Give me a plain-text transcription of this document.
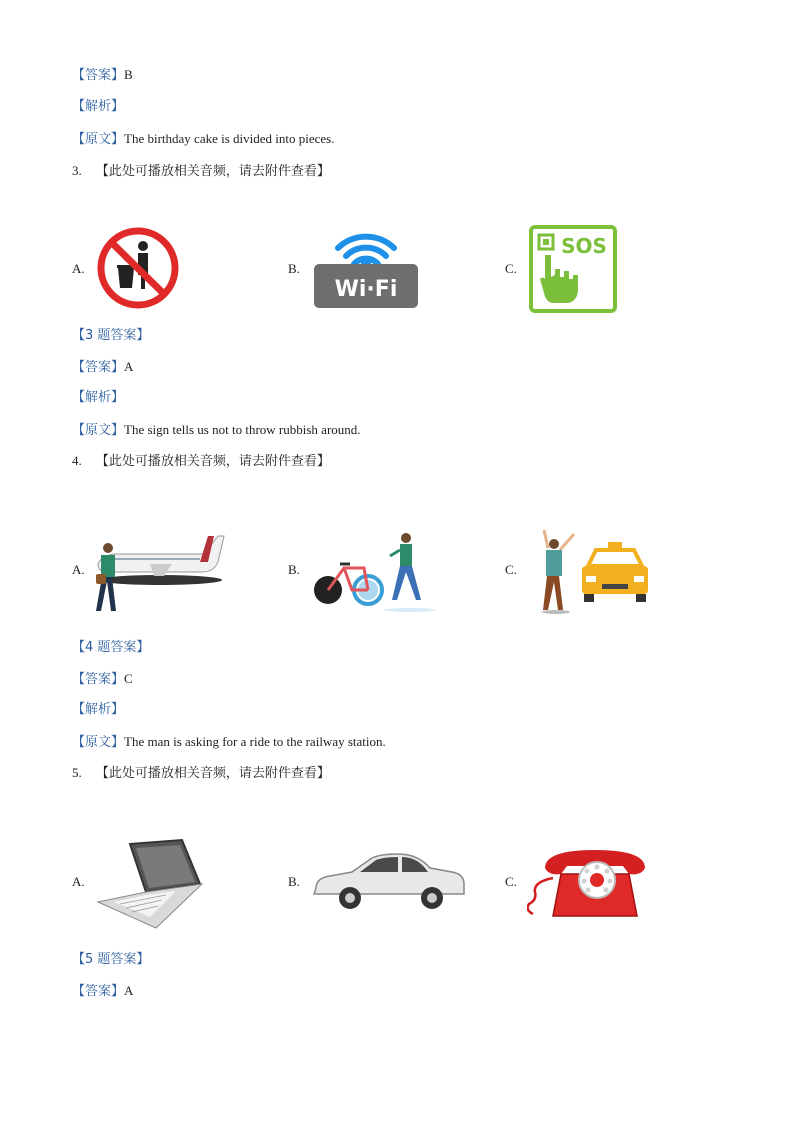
【答案】B
【解析】
【原文】The birthday cake is divided into pieces.
3. 【此处可播放相关音频，请去附件查看】
A.	B.
Wi·Fi
C.
SOS
【3 题答案】
【答案】A
【解析】
【原文】The sign tells us not to throw rubbish around.
4. 【此处可播放相关音频，请去附件查看】
A.	B.	C.
【4 题答案】
【答案】C
【解析】
【原文】The man is asking for a ride to the railway station.
5. 【此处可播放相关音频，请去附件查看】
A.	B.	C.
【5 题答案】
【答案】A
